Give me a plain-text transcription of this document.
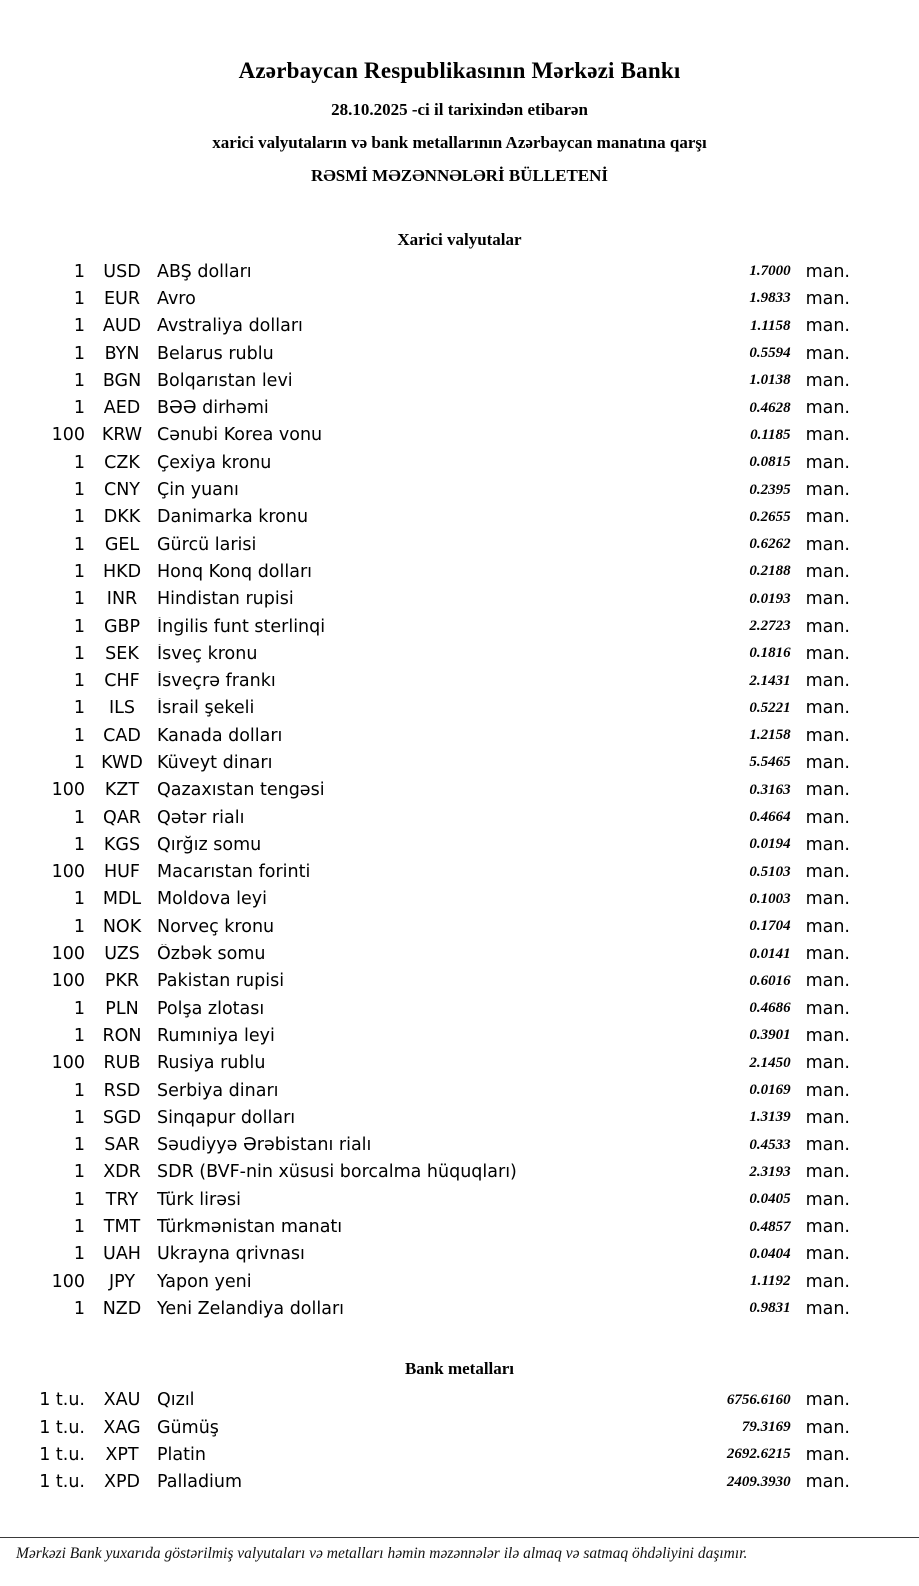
Azərbaycan Respublikasının Mərkəzi Bankı

28.10.2025 -ci il tarixindən etibarən

xarici valyutaların və bank metallarının Azərbaycan manatına qarşı

RƏSMİ MƏZƏNNƏLƏRİ BÜLLETENİ

Xarici valyutalar
1	USD ABŞ dolları	1.7000 man.
1	EUR Avro	1.9833 man.
1	AUD Avstraliya dolları	1.1158 man.
1	BYN	Belarus rublu	0.5594 man.
1	BGN Bolqarıstan levi	1.0138 man.
1	AED BƏƏ dirhəmi	0.4628 man.
100 KRW Cənubi Korea vonu	0.1185 man.
1	CZK Çexiya kronu	0.0815 man.
1	CNY Çin yuanı	0.2395 man.
1	DKK Danimarka kronu	0.2655 man.
1	GEL	Gürcü larisi	0.6262 man.
1	HKD Honq Konq dolları	0.2188 man.
1	INR	Hindistan rupisi	0.0193 man.
1	GBP İngilis funt sterlinqi	2.2723 man.
1	SEK	İsveç kronu	0.1816 man.
1	CHF İsveçrə frankı	2.1431 man.
1	ILS	İsrail şekeli	0.5221 man.
1	CAD Kanada dolları	1.2158 man.
1 KWD Küveyt dinarı	5.5465 man.
100	KZT	Qazaxıstan tengəsi	0.3163 man.
1	QAR Qətər rialı	0.4664 man.
1	KGS Qırğız somu	0.0194 man.
100	HUF Macarıstan forinti	0.5103 man.
1	MDL Moldova leyi	0.1003 man.
1	NOK Norveç kronu	0.1704 man.
100	UZS Özbək somu	0.0141 man.
100	PKR	Pakistan rupisi	0.6016 man.
1	PLN	Polşa zlotası	0.4686 man.
1 RON Rumıniya leyi	0.3901 man.
100	RUB Rusiya rublu	2.1450 man.
1	RSD Serbiya dinarı	0.0169 man.
1	SGD Sinqapur dolları	1.3139 man.
1	SAR Səudiyyə Ərəbistanı rialı	0.4533 man.
1	XDR SDR (BVF-nin xüsusi borcalma hüquqları)	2.3193 man.
1	TRY	Türk lirəsi	0.0405 man.
1	TMT Türkmənistan manatı	0.4857 man.
1	UAH Ukrayna qrivnası	0.0404 man.
100	JPY	Yapon yeni	1.1192 man.
1	NZD Yeni Zelandiya dolları	0.9831 man.
Bank metalları
1 t.u.	XAU Qızıl	6756.6160 man.
1 t.u.	XAG Gümüş	79.3169 man.
1 t.u.	XPT	Platin	2692.6215 man.
1 t.u.	XPD Palladium	2409.3930 man.
Mərkəzi Bank yuxarıda göstərilmiş valyutaları və metalları həmin məzənnələr ilə almaq və satmaq öhdəliyini daşımır.
